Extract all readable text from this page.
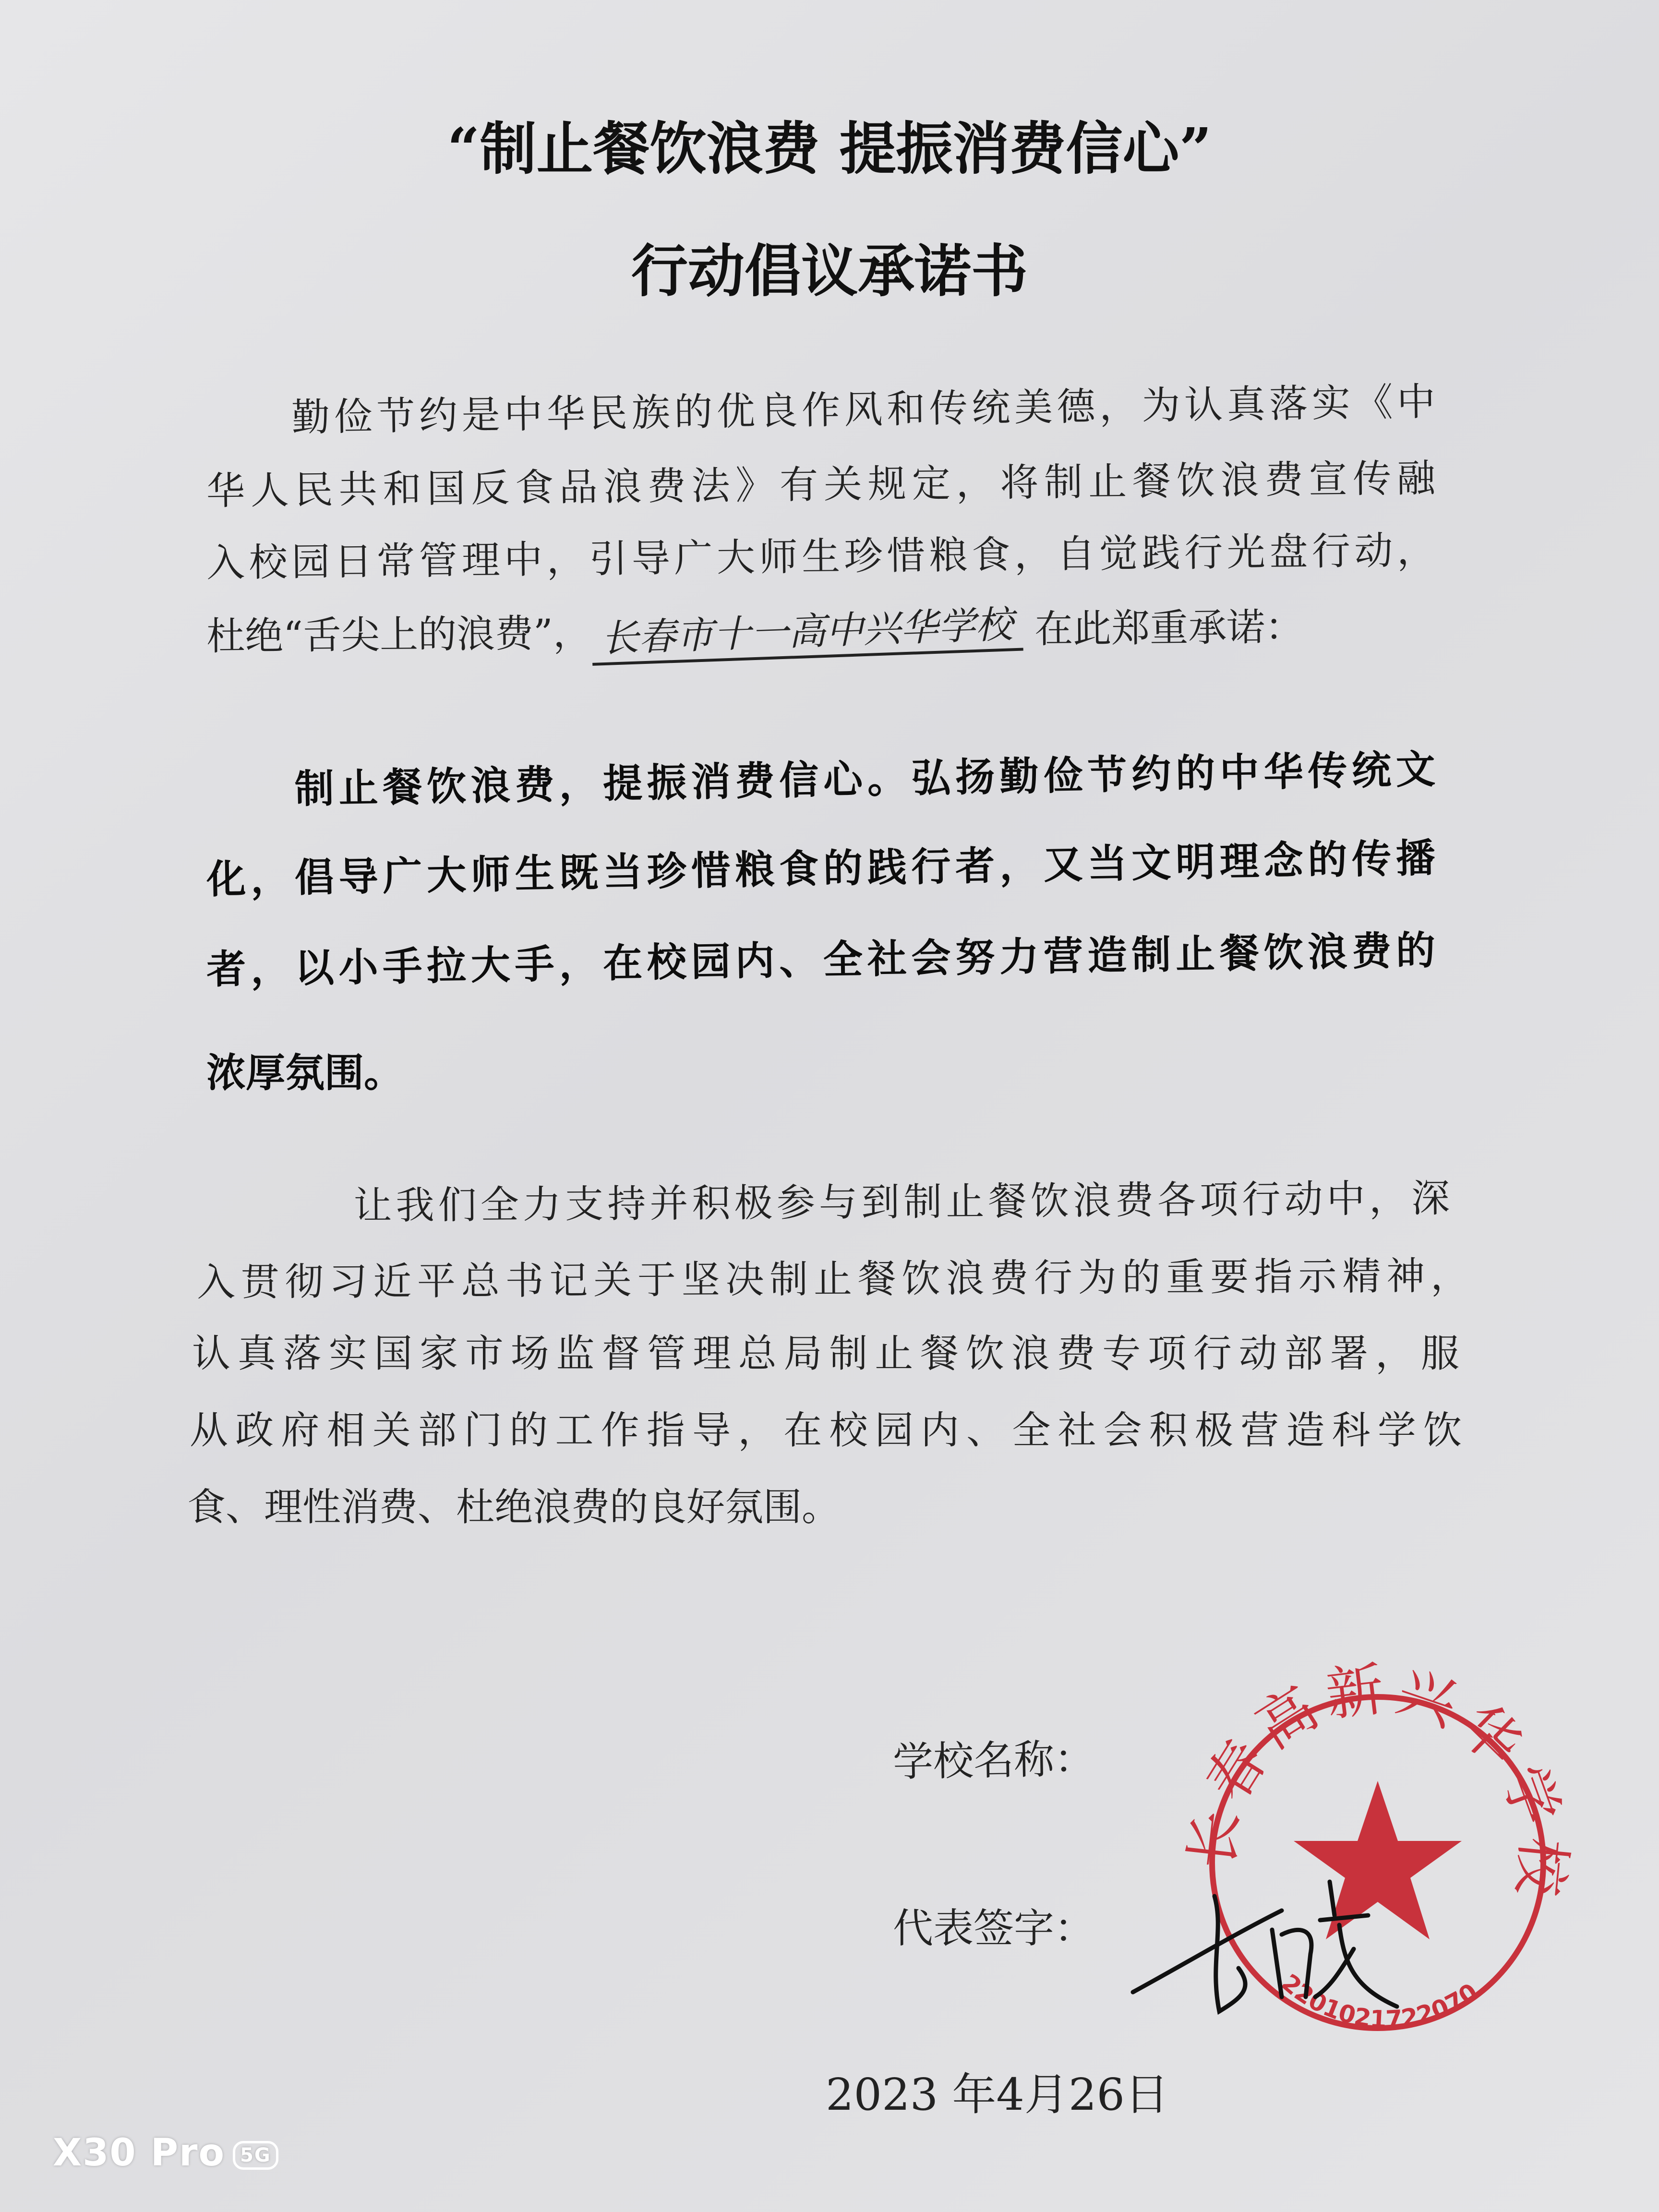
“制止餐饮浪费 提振消费信心”
行动倡议承诺书
　　勤俭节约是中华民族的优良作风和传统美德，为认真落实《中
华人民共和国反食品浪费法》有关规定，将制止餐饮浪费宣传融
入校园日常管理中，引导广大师生珍惜粮食，自觉践行光盘行动，
杜绝“舌尖上的浪费”， 长春市十一高中兴华学校 在此郑重承诺：
　　制止餐饮浪费，提振消费信心。弘扬勤俭节约的中华传统文
化，倡导广大师生既当珍惜粮食的践行者，又当文明理念的传播
者，以小手拉大手，在校园内、全社会努力营造制止餐饮浪费的
浓厚氛围。
　　让我们全力支持并积极参与到制止餐饮浪费各项行动中，深
入贯彻习近平总书记关于坚决制止餐饮浪费行为的重要指示精神，
认真落实国家市场监督管理总局制止餐饮浪费专项行动部署，服
从政府相关部门的工作指导，在校园内、全社会积极营造科学饮
食、理性消费、杜绝浪费的良好氛围。
长春高新兴华学校
2201021722070
学校名称：
代表签字：
2023 年4月26日
X30 Pro 5G
